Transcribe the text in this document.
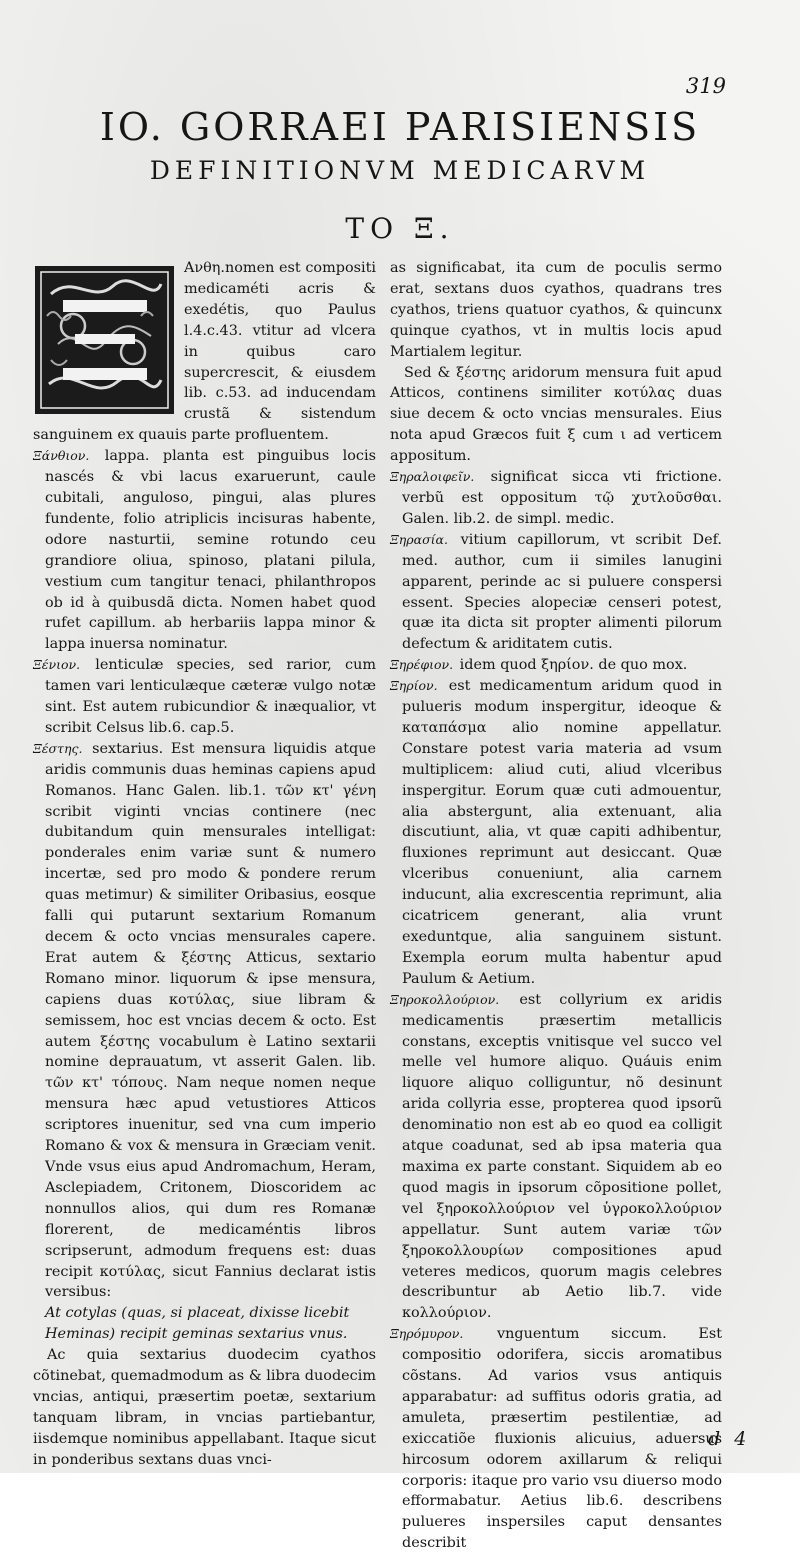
319
IO. GORRAEI PARISIENSIS
DEFINITIONVM MEDICARVM
TO Ξ.

Ανθη.nomen est compositi medicaméti acris & exedétis, quo Paulus l.4.c.43. vtitur ad vlcera in quibus caro supercrescit, & eiusdem lib. c.53. ad inducendam crustã & sistendum sanguinem ex quauis parte profluentem.

Ξάνθιον. lappa. planta est pinguibus locis nascés & vbi lacus exaruerunt, caule cubitali, anguloso, pingui, alas plures fundente, folio atriplicis incisuras habente, odore nasturtii, semine rotundo ceu grandiore oliua, spinoso, platani pilula, vestium cum tangitur tenaci, philanthropos ob id à quibusdã dicta. Nomen habet quod rufet capillum. ab herbariis lappa minor & lappa inuersa nominatur.

Ξένιον. lenticulæ species, sed rarior, cum tamen vari lenticulæque cæteræ vulgo notæ sint. Est autem rubicundior & inæqualior, vt scribit Celsus lib.6. cap.5.

Ξέστης. sextarius. Est mensura liquidis atque aridis communis duas heminas capiens apud Romanos. Hanc Galen. lib.1. τῶν κτ' γένη scribit viginti vncias continere (nec dubitandum quin mensurales intelligat: ponderales enim variæ sunt & numero incertæ, sed pro modo & pondere rerum quas metimur) & similiter Oribasius, eosque falli qui putarunt sextarium Romanum decem & octo vncias mensurales capere. Erat autem & ξέστης Atticus, sextario Romano minor. liquorum & ipse mensura, capiens duas κοτύλας, siue libram & semissem, hoc est vncias decem & octo. Est autem ξέστης vocabulum è Latino sextarii nomine deprauatum, vt asserit Galen. lib. τῶν κτ' τόπους. Nam neque nomen neque mensura hæc apud vetustiores Atticos scriptores inuenitur, sed vna cum imperio Romano & vox & mensura in Græciam venit. Vnde vsus eius apud Andromachum, Heram, Asclepiadem, Critonem, Dioscoridem ac nonnullos alios, qui dum res Romanæ florerent, de medicaméntis libros scripserunt, admodum frequens est: duas recipit κοτύλας, sicut Fannius declarat istis versibus:

At cotylas (quas, si placeat, dixisse licebit

Heminas) recipit geminas sextarius vnus.

Ac quia sextarius duodecim cyathos cõtinebat, quemadmodum as & libra duodecim vncias, antiqui, præsertim poetæ, sextarium tanquam libram, in vncias partiebantur, iisdemque nominibus appellabant. Itaque sicut in ponderibus sextans duas vnci-

as significabat, ita cum de poculis sermo erat, sextans duos cyathos, quadrans tres cyathos, triens quatuor cyathos, & quincunx quinque cyathos, vt in multis locis apud Martialem legitur.

Sed & ξέστης aridorum mensura fuit apud Atticos, continens similiter κοτύλας duas siue decem & octo vncias mensurales. Eius nota apud Græcos fuit ξ cum ι ad verticem appositum.

Ξηραλοιφεῖν. significat sicca vti frictione. verbũ est oppositum τῷ χυτλοῦσθαι. Galen. lib.2. de simpl. medic.

Ξηρασία. vitium capillorum, vt scribit Def. med. author, cum ii similes lanugini apparent, perinde ac si puluere conspersi essent. Species alopeciæ censeri potest, quæ ita dicta sit propter alimenti pilorum defectum & ariditatem cutis.

Ξηρέφιον. idem quod ξηρίον. de quo mox.

Ξηρίον. est medicamentum aridum quod in pulueris modum inspergitur, ideoque & καταπάσμα alio nomine appellatur. Constare potest varia materia ad vsum multiplicem: aliud cuti, aliud vlceribus inspergitur. Eorum quæ cuti admouentur, alia abstergunt, alia extenuant, alia discutiunt, alia, vt quæ capiti adhibentur, fluxiones reprimunt aut desiccant. Quæ vlceribus conueniunt, alia carnem inducunt, alia excrescentia reprimunt, alia cicatricem generant, alia vrunt exeduntque, alia sanguinem sistunt. Exempla eorum multa habentur apud Paulum & Aetium.

Ξηροκολλούριον. est collyrium ex aridis medicamentis præsertim metallicis constans, exceptis vnitisque vel succo vel melle vel humore aliquo. Quáuis enim liquore aliquo colliguntur, nõ desinunt arida collyria esse, propterea quod ipsorũ denominatio non est ab eo quod ea colligit atque coadunat, sed ab ipsa materia qua maxima ex parte constant. Siquidem ab eo quod magis in ipsorum cõpositione pollet, vel ξηροκολλούριον vel ὑγροκολλούριον appellatur. Sunt autem variæ τῶν ξηροκολλουρίων compositiones apud veteres medicos, quorum magis celebres describuntur ab Aetio lib.7. vide κολλούριον.

Ξηρόμυρον. vnguentum siccum. Est compositio odorifera, siccis aromatibus cõstans. Ad varios vsus antiquis apparabatur: ad suffitus odoris gratia, ad amuleta, præsertim pestilentiæ, ad exiccatiõe fluxionis alicuius, aduersus hircosum odorem axillarum & reliqui corporis: itaque pro vario vsu diuerso modo efformabatur. Aetius lib.6. describens pulueres inspersiles caput densantes describit

d 4
